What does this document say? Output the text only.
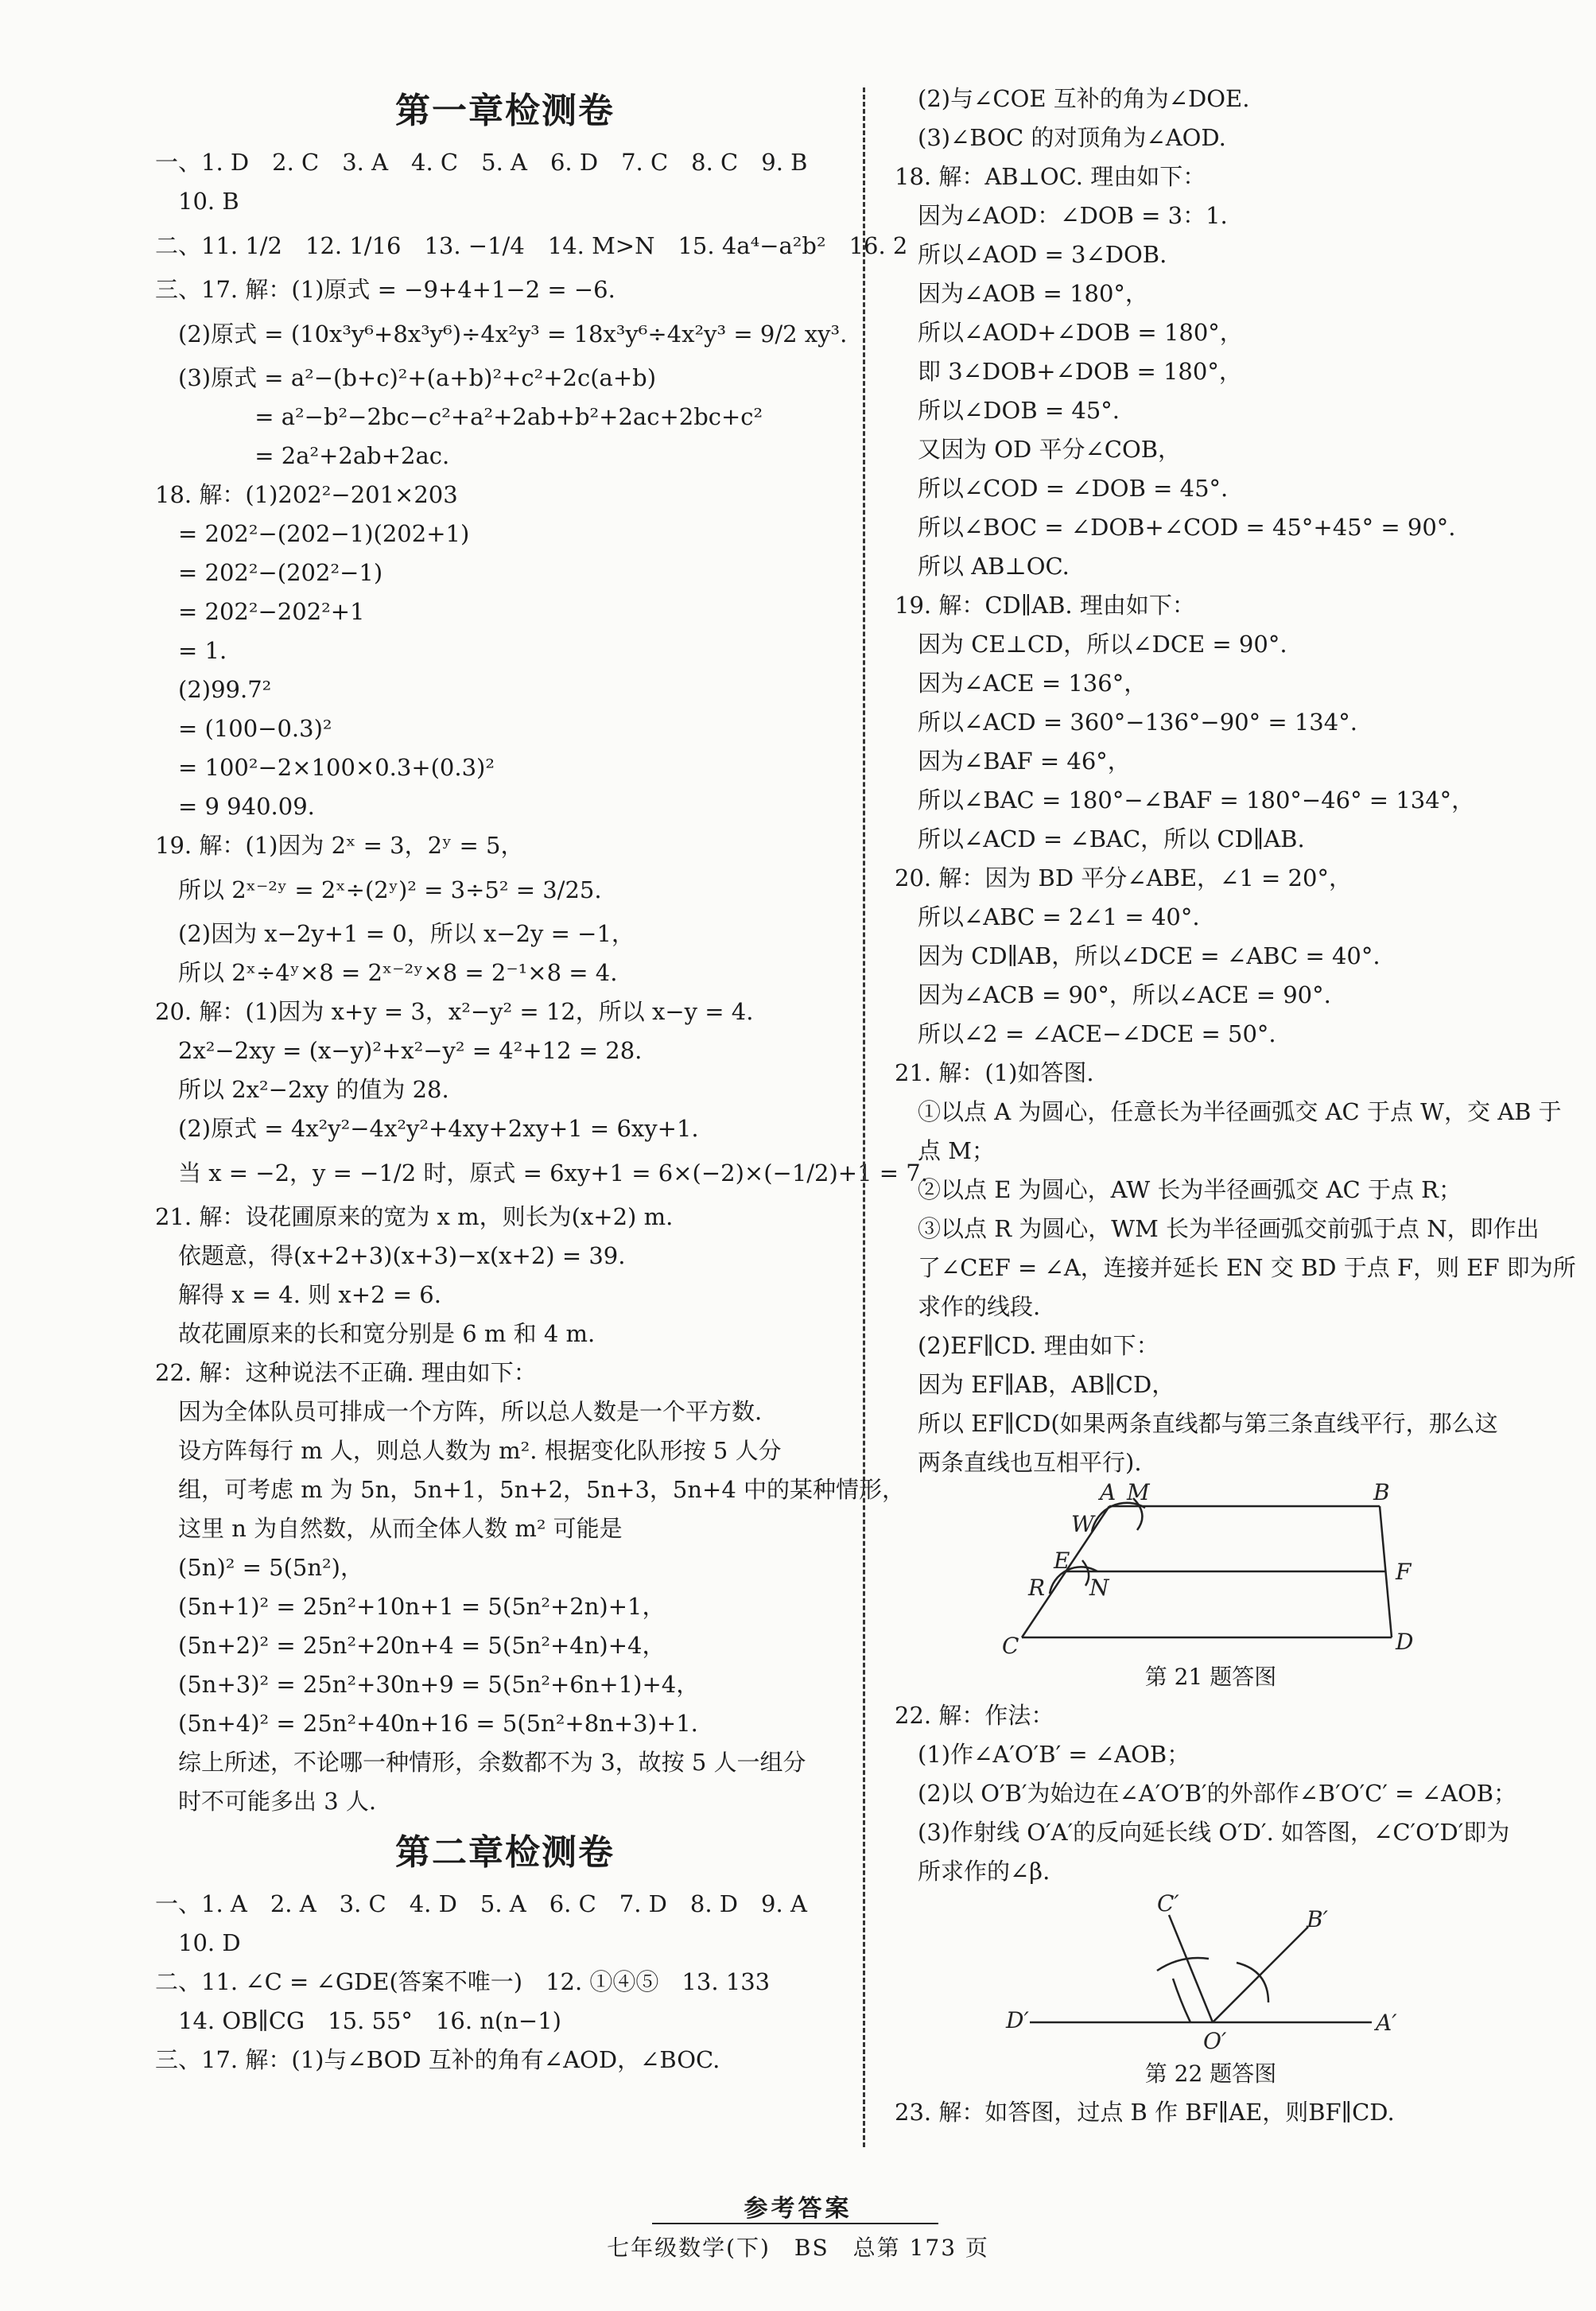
第一章检测卷
一、1. D　2. C　3. A　4. C　5. A　6. D　7. C　8. C　9. B
　10. B
二、11. 1/2　12. 1/16　13. −1/4　14. M>N　15. 4a⁴−a²b²　16. 2
三、17. 解：(1)原式 = −9+4+1−2 = −6.
　(2)原式 = (10x³y⁶+8x³y⁶)÷4x²y³ = 18x³y⁶÷4x²y³ = 9/2 xy³.
　(3)原式 = a²−(b+c)²+(a+b)²+c²+2c(a+b)
　　　　 = a²−b²−2bc−c²+a²+2ab+b²+2ac+2bc+c²
　　　　 = 2a²+2ab+2ac.
18. 解：(1)202²−201×203
　= 202²−(202−1)(202+1)
　= 202²−(202²−1)
　= 202²−202²+1
　= 1.
　(2)99.7²
　= (100−0.3)²
　= 100²−2×100×0.3+(0.3)²
　= 9 940.09.
19. 解：(1)因为 2ˣ = 3，2ʸ = 5，
　所以 2ˣ⁻²ʸ = 2ˣ÷(2ʸ)² = 3÷5² = 3/25.
　(2)因为 x−2y+1 = 0，所以 x−2y = −1，
　所以 2ˣ÷4ʸ×8 = 2ˣ⁻²ʸ×8 = 2⁻¹×8 = 4.
20. 解：(1)因为 x+y = 3，x²−y² = 12，所以 x−y = 4.
　2x²−2xy = (x−y)²+x²−y² = 4²+12 = 28.
　所以 2x²−2xy 的值为 28.
　(2)原式 = 4x²y²−4x²y²+4xy+2xy+1 = 6xy+1.
　当 x = −2，y = −1/2 时，原式 = 6xy+1 = 6×(−2)×(−1/2)+1 = 7.
21. 解：设花圃原来的宽为 x m，则长为(x+2) m.
　依题意，得(x+2+3)(x+3)−x(x+2) = 39.
　解得 x = 4. 则 x+2 = 6.
　故花圃原来的长和宽分别是 6 m 和 4 m.
22. 解：这种说法不正确. 理由如下：
　因为全体队员可排成一个方阵，所以总人数是一个平方数.
　设方阵每行 m 人，则总人数为 m². 根据变化队形按 5 人分
　组，可考虑 m 为 5n，5n+1，5n+2，5n+3，5n+4 中的某种情形，
　这里 n 为自然数，从而全体人数 m² 可能是
　(5n)² = 5(5n²)，
　(5n+1)² = 25n²+10n+1 = 5(5n²+2n)+1，
　(5n+2)² = 25n²+20n+4 = 5(5n²+4n)+4，
　(5n+3)² = 25n²+30n+9 = 5(5n²+6n+1)+4，
　(5n+4)² = 25n²+40n+16 = 5(5n²+8n+3)+1.
　综上所述，不论哪一种情形，余数都不为 3，故按 5 人一组分
　时不可能多出 3 人.
第二章检测卷
一、1. A　2. A　3. C　4. D　5. A　6. C　7. D　8. D　9. A
　10. D
二、11. ∠C = ∠GDE(答案不唯一)　12. ①④⑤　13. 133
　14. OB∥CG　15. 55°　16. n(n−1)
三、17. 解：(1)与∠BOD 互补的角有∠AOD，∠BOC.
　(2)与∠COE 互补的角为∠DOE.
　(3)∠BOC 的对顶角为∠AOD.
18. 解：AB⊥OC. 理由如下：
　因为∠AOD：∠DOB = 3：1.
　所以∠AOD = 3∠DOB.
　因为∠AOB = 180°，
　所以∠AOD+∠DOB = 180°，
　即 3∠DOB+∠DOB = 180°，
　所以∠DOB = 45°.
　又因为 OD 平分∠COB，
　所以∠COD = ∠DOB = 45°.
　所以∠BOC = ∠DOB+∠COD = 45°+45° = 90°.
　所以 AB⊥OC.
19. 解：CD∥AB. 理由如下：
　因为 CE⊥CD，所以∠DCE = 90°.
　因为∠ACE = 136°，
　所以∠ACD = 360°−136°−90° = 134°.
　因为∠BAF = 46°，
　所以∠BAC = 180°−∠BAF = 180°−46° = 134°，
　所以∠ACD = ∠BAC，所以 CD∥AB.
20. 解：因为 BD 平分∠ABE，∠1 = 20°，
　所以∠ABC = 2∠1 = 40°.
　因为 CD∥AB，所以∠DCE = ∠ABC = 40°.
　因为∠ACB = 90°，所以∠ACE = 90°.
　所以∠2 = ∠ACE−∠DCE = 50°.
21. 解：(1)如答图.
　①以点 A 为圆心，任意长为半径画弧交 AC 于点 W，交 AB 于
　点 M；
　②以点 E 为圆心，AW 长为半径画弧交 AC 于点 R；
　③以点 R 为圆心，WM 长为半径画弧交前弧于点 N，即作出
　了∠CEF = ∠A，连接并延长 EN 交 BD 于点 F，则 EF 即为所
　求作的线段.
　(2)EF∥CD. 理由如下：
　因为 EF∥AB，AB∥CD，
　所以 EF∥CD(如果两条直线都与第三条直线平行，那么这
　两条直线也互相平行).
A M	B
W
E	F
R N
C	D
第 21 题答图
22. 解：作法：
　(1)作∠A′O′B′ = ∠AOB；
　(2)以 O′B′为始边在∠A′O′B′的外部作∠B′O′C′ = ∠AOB；
　(3)作射线 O′A′的反向延长线 O′D′. 如答图，∠C′O′D′即为
　所求作的∠β.
C′
B′
D′
O′
A′
第 22 题答图
23. 解：如答图，过点 B 作 BF∥AE，则BF∥CD.
参考答案
七年级数学(下)　BS　总第 173 页
